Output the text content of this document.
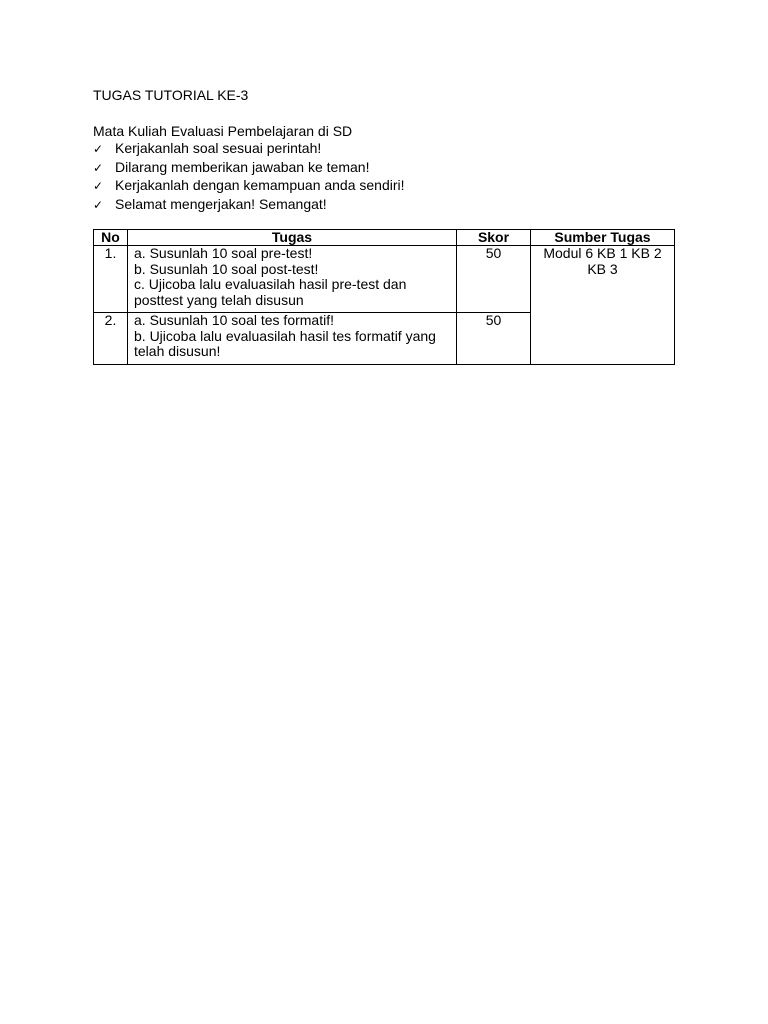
TUGAS TUTORIAL KE-3
Mata Kuliah Evaluasi Pembelajaran di SD
✓ Kerjakanlah soal sesuai perintah!
✓ Dilarang memberikan jawaban ke teman!
✓ Kerjakanlah dengan kemampuan anda sendiri!
✓ Selamat mengerjakan! Semangat!
No	Tugas	Skor	Sumber Tugas
1.	a. Susunlah 10 soal pre-test!
b. Susunlah 10 soal post-test!
c. Ujicoba lalu evaluasilah hasil pre-test dan posttest yang telah disusun	50	Modul 6 KB 1 KB 2 KB 3
2.	a. Susunlah 10 soal tes formatif!
b. Ujicoba lalu evaluasilah hasil tes formatif yang telah disusun!	50	
